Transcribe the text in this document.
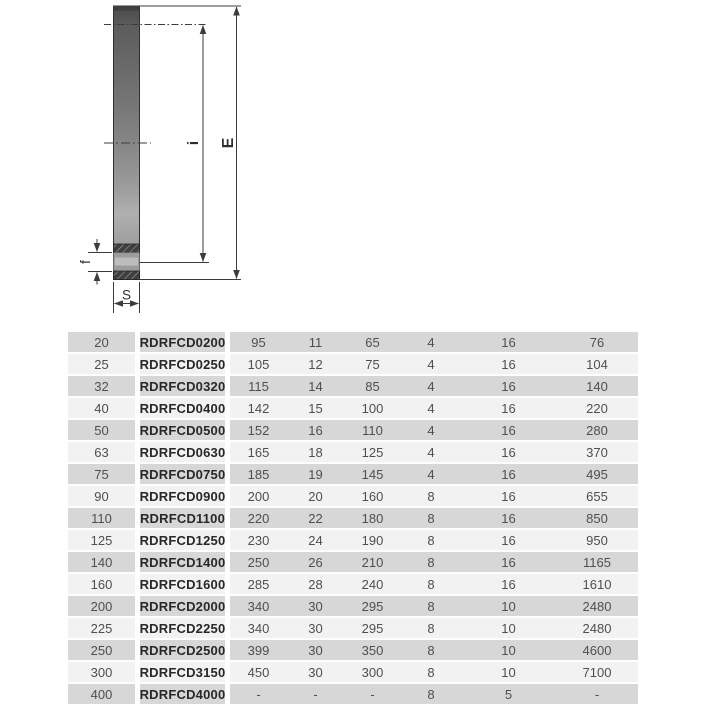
i E
f
S
20	RDRFCD0200	95	11	65	4	16	76
25	RDRFCD0250	105	12	75	4	16	104
32	RDRFCD0320	115	14	85	4	16	140
40	RDRFCD0400	142	15	100	4	16	220
50	RDRFCD0500	152	16	110	4	16	280
63	RDRFCD0630	165	18	125	4	16	370
75	RDRFCD0750	185	19	145	4	16	495
90	RDRFCD0900	200	20	160	8	16	655
110	RDRFCD1100	220	22	180	8	16	850
125	RDRFCD1250	230	24	190	8	16	950
140	RDRFCD1400	250	26	210	8	16	1165
160	RDRFCD1600	285	28	240	8	16	1610
200	RDRFCD2000	340	30	295	8	10	2480
225	RDRFCD2250	340	30	295	8	10	2480
250	RDRFCD2500	399	30	350	8	10	4600
300	RDRFCD3150	450	30	300	8	10	7100
400	RDRFCD4000	-	-	-	8	5	-
